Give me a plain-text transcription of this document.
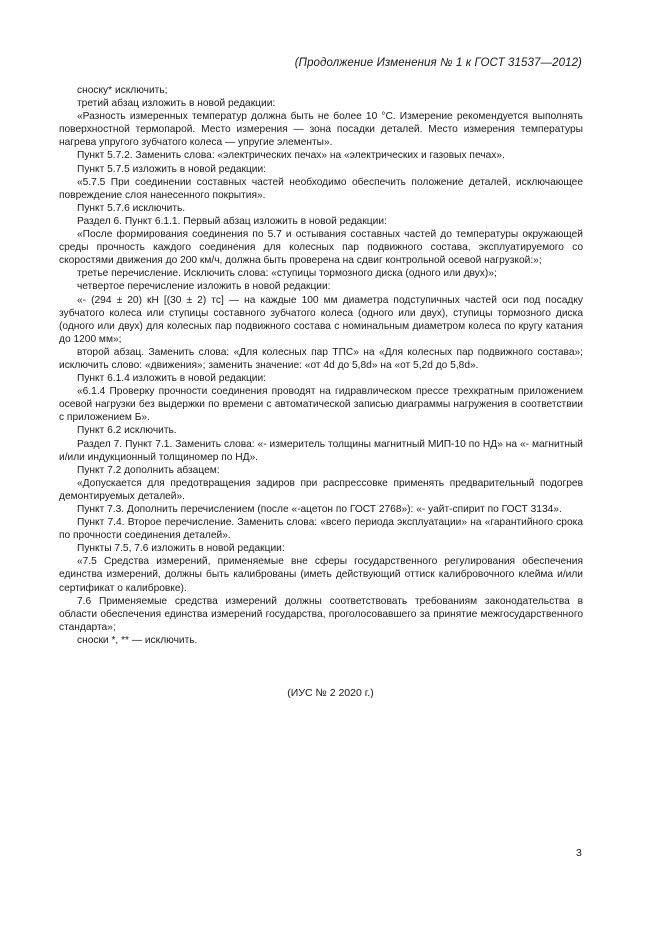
(Продолжение Изменения № 1 к ГОСТ 31537—2012)

сноску* исключить;

третий абзац изложить в новой редакции:

«Разность измеренных температур должна быть не более 10 °С. Измерение рекомендуется выполнять поверхностной термопарой. Место измерения — зона посадки деталей. Место измерения температуры нагрева упругого зубчатого колеса — упругие элементы».

Пункт 5.7.2. Заменить слова: «электрических печах» на «электрических и газовых печах».

Пункт 5.7.5 изложить в новой редакции:

«5.7.5 При соединении составных частей необходимо обеспечить положение деталей, исключающее повреждение слоя нанесенного покрытия».

Пункт 5.7.6 исключить.

Раздел 6. Пункт 6.1.1. Первый абзац изложить в новой редакции:

«После формирования соединения по 5.7 и остывания составных частей до температуры окружающей среды прочность каждого соединения для колесных пар подвижного состава, эксплуатируемого со скоростями движения до 200 км/ч, должна быть проверена на сдвиг контрольной осевой нагрузкой:»;

третье перечисление. Исключить слова: «ступицы тормозного диска (одного или двух)»;

четвертое перечисление изложить в новой редакции:

«- (294 ± 20) кН [(30 ± 2) тс] — на каждые 100 мм диаметра подступичных частей оси под посадку зубчатого колеса или ступицы составного зубчатого колеса (одного или двух), ступицы тормозного диска (одного или двух) для колесных пар подвижного состава с номинальным диаметром колеса по кругу катания до 1200 мм»;

второй абзац. Заменить слова: «Для колесных пар ТПС» на «Для колесных пар подвижного состава»; исключить слово: «движения»; заменить значение: «от 4d до 5,8d» на «от 5,2d до 5,8d».

Пункт 6.1.4 изложить в новой редакции:

«6.1.4 Проверку прочности соединения проводят на гидравлическом прессе трехкратным приложением осевой нагрузки без выдержки по времени с автоматической записью диаграммы нагружения в соответствии с приложением Б».

Пункт 6.2 исключить.

Раздел 7. Пункт 7.1. Заменить слова: «- измеритель толщины магнитный МИП-10 по НД» на «- магнитный и/или индукционный толщиномер по НД».

Пункт 7.2 дополнить абзацем:

«Допускается для предотвращения задиров при распрессовке применять предварительный подогрев демонтируемых деталей».

Пункт 7.3. Дополнить перечислением (после «-ацетон по ГОСТ 2768»): «- уайт-спирит по ГОСТ 3134».

Пункт 7.4. Второе перечисление. Заменить слова: «всего периода эксплуатации» на «гарантийного срока по прочности соединения деталей».

Пункты 7.5, 7.6 изложить в новой редакции:

«7.5 Средства измерений, применяемые вне сферы государственного регулирования обеспечения единства измерений, должны быть калиброваны (иметь действующий оттиск калибровочного клейма и/или сертификат о калибровке).

7.6 Применяемые средства измерений должны соответствовать требованиям законодательства в области обеспечения единства измерений государства, проголосовавшего за принятие межгосударственного стандарта»;

сноски *, ** — исключить.

(ИУС № 2 2020 г.)
3
